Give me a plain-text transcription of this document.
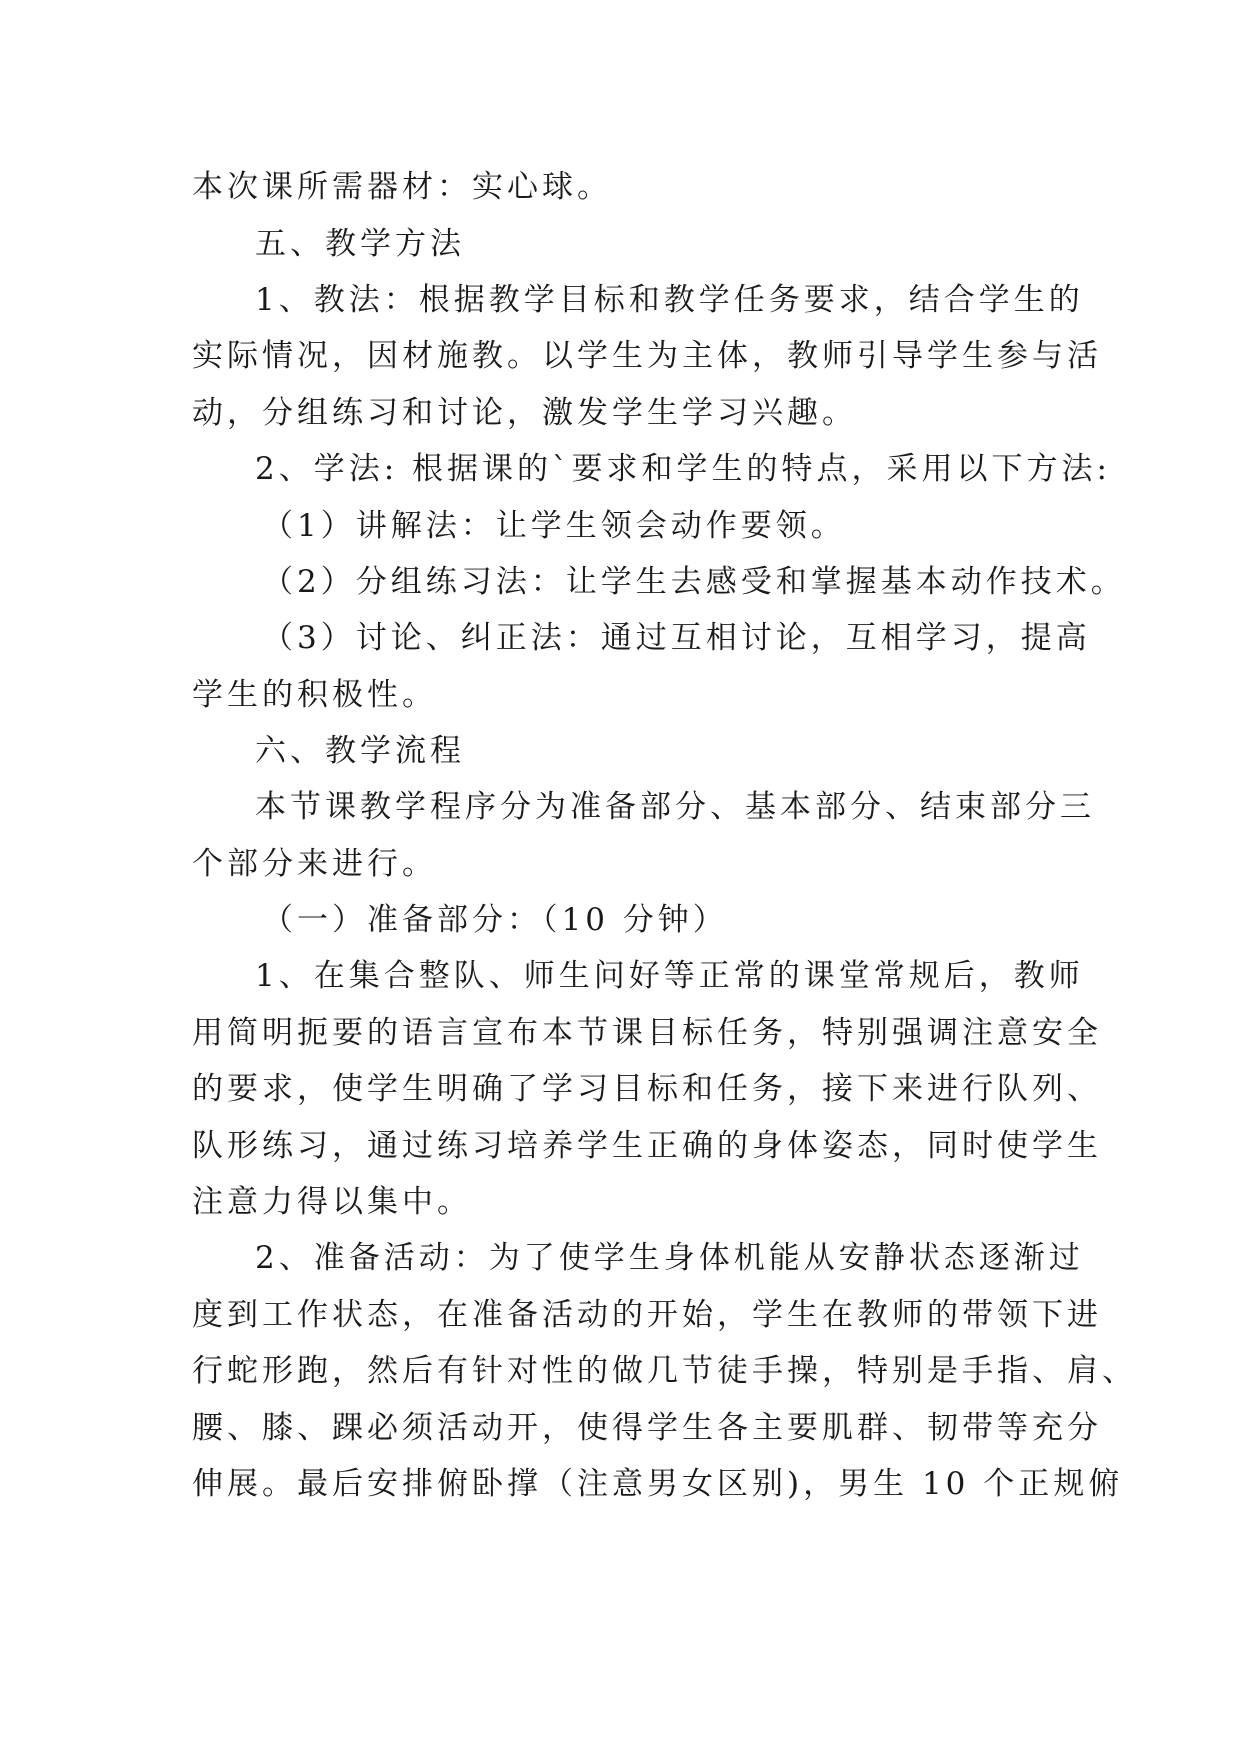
本次课所需器材：实心球。
五、教学方法
1、教法：根据教学目标和教学任务要求，结合学生的
实际情况，因材施教。以学生为主体，教师引导学生参与活
动，分组练习和讨论，激发学生学习兴趣。
2、学法: 根据课的`要求和学生的特点，采用以下方法:
（1）讲解法：让学生领会动作要领。
（2）分组练习法：让学生去感受和掌握基本动作技术。
（3）讨论、纠正法：通过互相讨论，互相学习，提高
学生的积极性。
六、教学流程
本节课教学程序分为准备部分、基本部分、结束部分三
个部分来进行。
（一）准备部分：（10 分钟）
1、在集合整队、师生问好等正常的课堂常规后，教师
用简明扼要的语言宣布本节课目标任务，特别强调注意安全
的要求，使学生明确了学习目标和任务，接下来进行队列、
队形练习，通过练习培养学生正确的身体姿态，同时使学生
注意力得以集中。
2、准备活动：为了使学生身体机能从安静状态逐渐过
度到工作状态，在准备活动的开始，学生在教师的带领下进
行蛇形跑，然后有针对性的做几节徒手操，特别是手指、肩、
腰、膝、踝必须活动开，使得学生各主要肌群、韧带等充分
伸展。最后安排俯卧撑（注意男女区别)，男生 10 个正规俯
